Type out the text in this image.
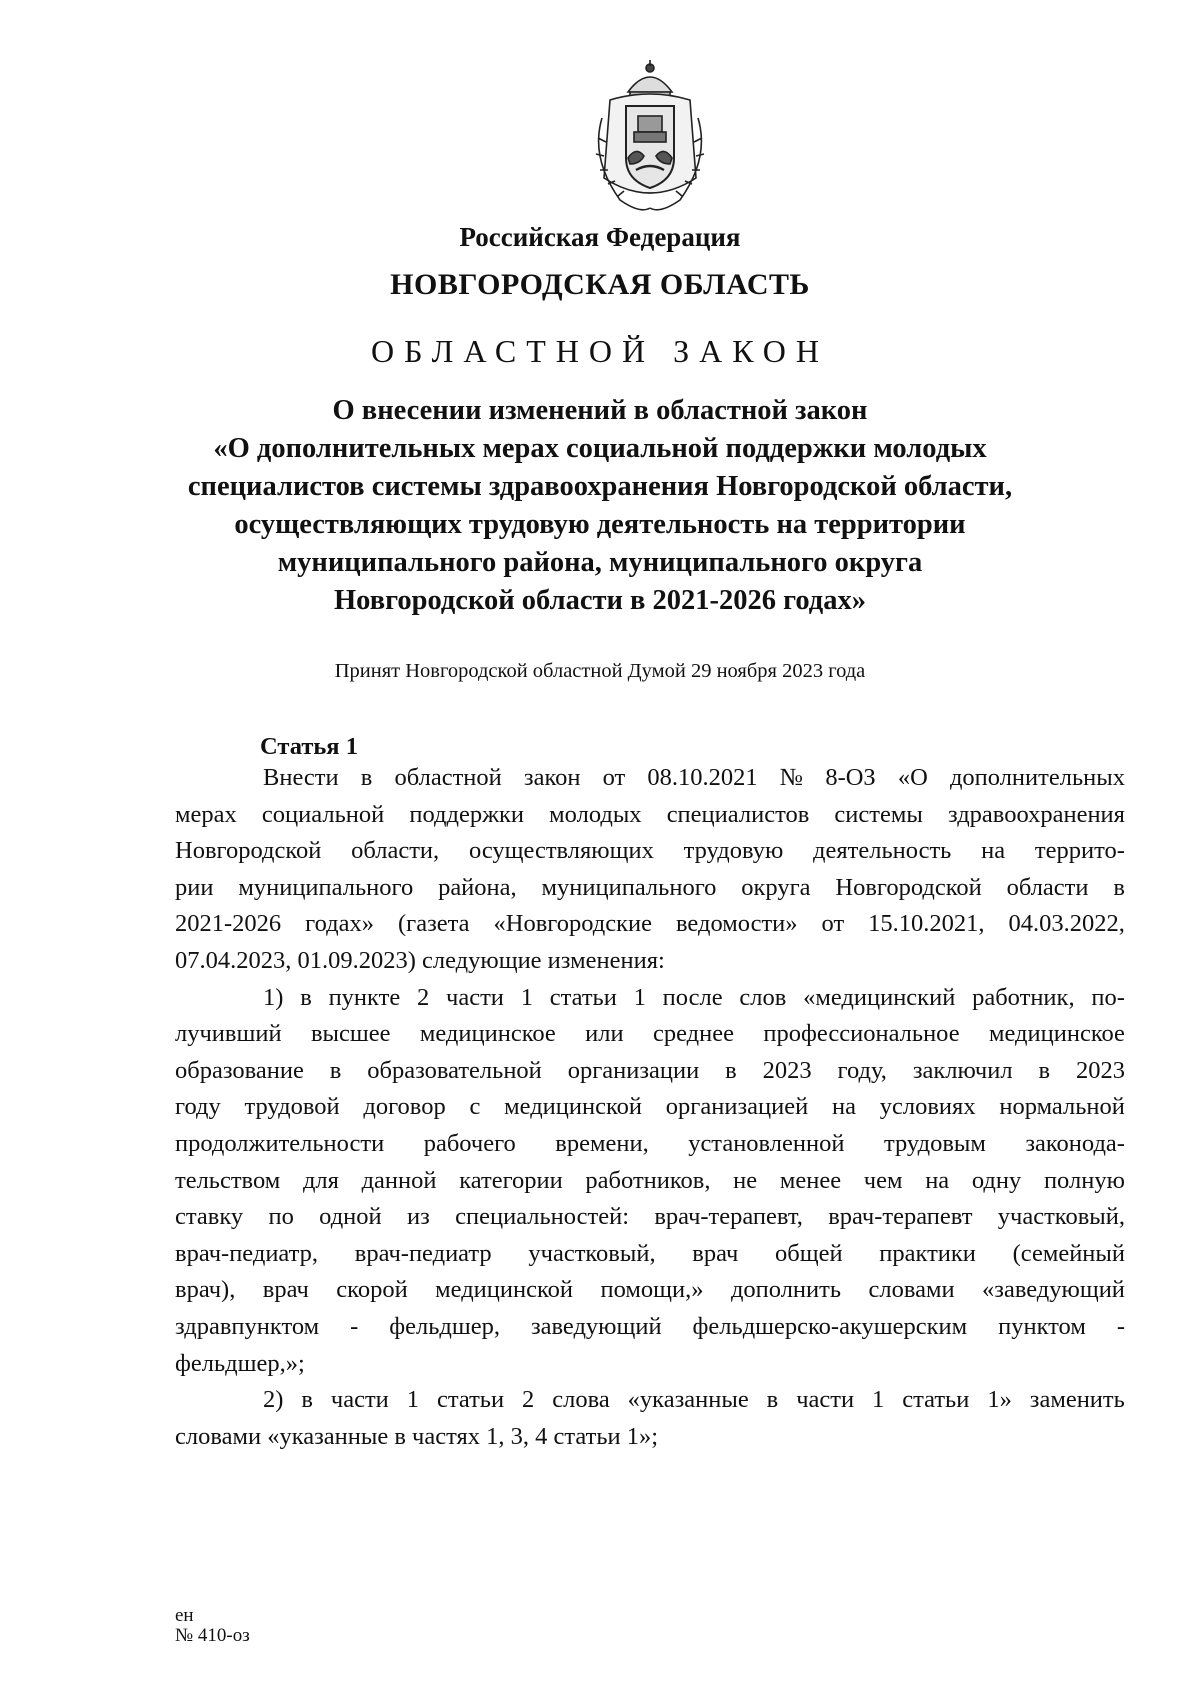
Российская Федерация
НОВГОРОДСКАЯ ОБЛАСТЬ
ОБЛАСТНОЙ ЗАКОН
О внесении изменений в областной закон
«О дополнительных мерах социальной поддержки молодых
специалистов системы здравоохранения Новгородской области,
осуществляющих трудовую деятельность на территории
муниципального района, муниципального округа
Новгородской области в 2021-2026 годах»
Принят Новгородской областной Думой 29 ноября 2023 года
Статья 1
Внести в областной закон от 08.10.2021 № 8-ОЗ «О дополнительных
мерах социальной поддержки молодых специалистов системы здравоохранения
Новгородской области, осуществляющих трудовую деятельность на террито-
рии муниципального района, муниципального округа Новгородской области в
2021-2026 годах» (газета «Новгородские ведомости» от 15.10.2021, 04.03.2022,
07.04.2023, 01.09.2023) следующие изменения:
1) в пункте 2 части 1 статьи 1 после слов «медицинский работник, по-
лучивший высшее медицинское или среднее профессиональное медицинское
образование в образовательной организации в 2023 году, заключил в 2023
году трудовой договор с медицинской организацией на условиях нормальной
продолжительности рабочего времени, установленной трудовым законода-
тельством для данной категории работников, не менее чем на одну полную
ставку по одной из специальностей: врач-терапевт, врач-терапевт участковый,
врач-педиатр, врач-педиатр участковый, врач общей практики (семейный
врач), врач скорой медицинской помощи,» дополнить словами «заведующий
здравпунктом - фельдшер, заведующий фельдшерско-акушерским пунктом -
фельдшер,»;
2) в части 1 статьи 2 слова «указанные в части 1 статьи 1» заменить
словами «указанные в частях 1, 3, 4 статьи 1»;
ен
№ 410-оз
